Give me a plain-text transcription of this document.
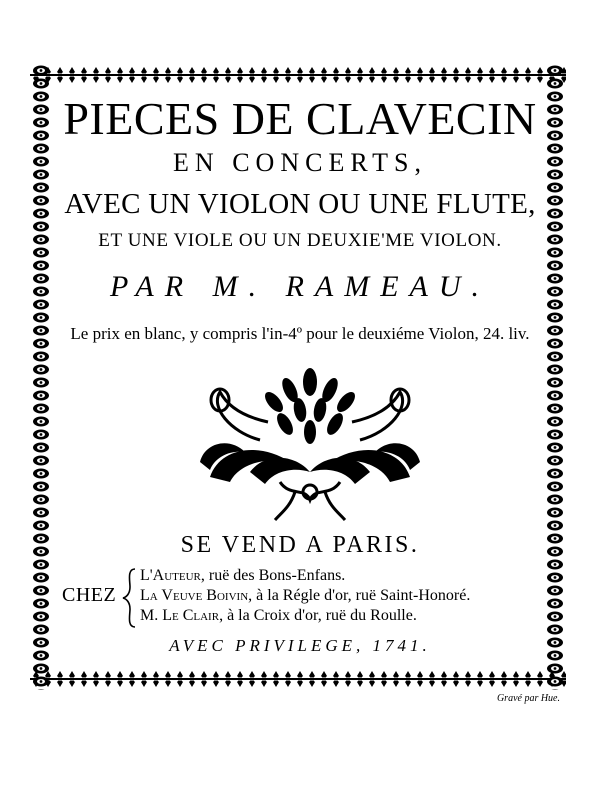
PIECES DE CLAVECIN
EN CONCERTS,
AVEC UN VIOLON OU UNE FLUTE,
ET UNE VIOLE OU UN DEUXIE'ME VIOLON.
PAR M. RAMEAU.
Le prix en blanc, y compris l'in-4º pour le deuxiéme Violon, 24. liv.
SE VEND A PARIS.
CHEZ
L'Auteur, ruë des Bons-Enfans.
La Veuve Boivin, à la Régle d'or, ruë Saint-Honoré.
M. Le Clair, à la Croix d'or, ruë du Roulle.
AVEC PRIVILEGE, 1741.
Gravé par Hue.
